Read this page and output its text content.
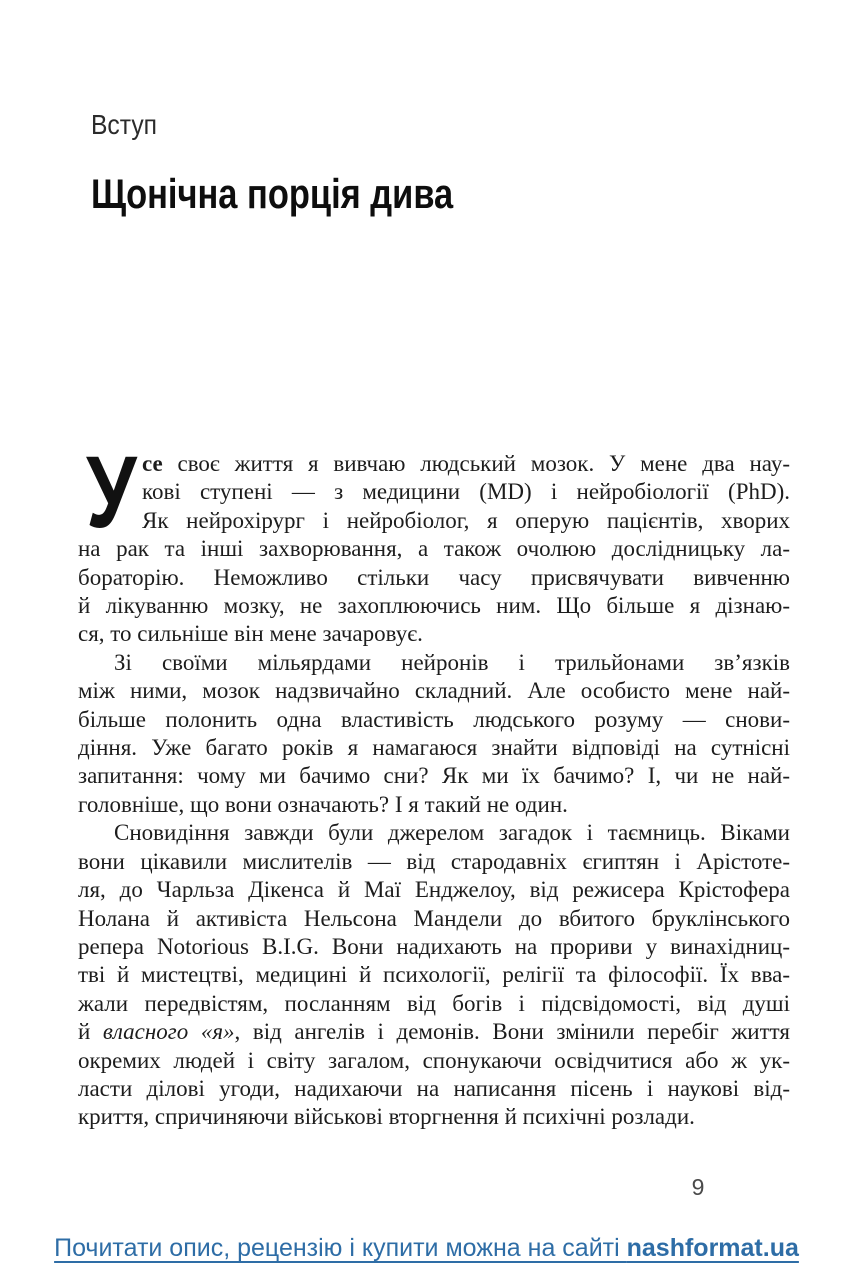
Вступ
Щонічна порція дива
У се своє життя я вивчаю людський мозок. У мене два нау-
кові ступені — з медицини (MD) і нейробіології (PhD).
Як нейрохірург і нейробіолог, я оперую пацієнтів, хворих
на рак та інші захворювання, а також очолюю дослідницьку ла-
бораторію. Неможливо стільки часу присвячувати вивченню
й лікуванню мозку, не захоплюючись ним. Що більше я дізнаю-
ся, то сильніше він мене зачаровує.
Зі своїми мільярдами нейронів і трильйонами зв’язків
між ними, мозок надзвичайно складний. Але особисто мене най-
більше полонить одна властивість людського розуму — снови-
діння. Уже багато років я намагаюся знайти відповіді на сутнісні
запитання: чому ми бачимо сни? Як ми їх бачимо? І, чи не най-
головніше, що вони означають? І я такий не один.
Сновидіння завжди були джерелом загадок і таємниць. Віками
вони цікавили мислителів — від стародавніх єгиптян і Арістоте-
ля, до Чарльза Дікенса й Маї Енджелоу, від режисера Крістофера
Нолана й активіста Нельсона Мандели до вбитого бруклінського
репера Notorious B.I.G. Вони надихають на прориви у винахідниц-
тві й мистецтві, медицині й психології, релігії та філософії. Їх вва-
жали передвістям, посланням від богів і підсвідомості, від душі
й власного «я», від ангелів і демонів. Вони змінили перебіг життя
окремих людей і світу загалом, спонукаючи освідчитися або ж ук-
ласти ділові угоди, надихаючи на написання пісень і наукові від-
криття, спричиняючи військові вторгнення й психічні розлади.
9
Почитати опис, рецензію і купити можна на сайті nashformat.ua
